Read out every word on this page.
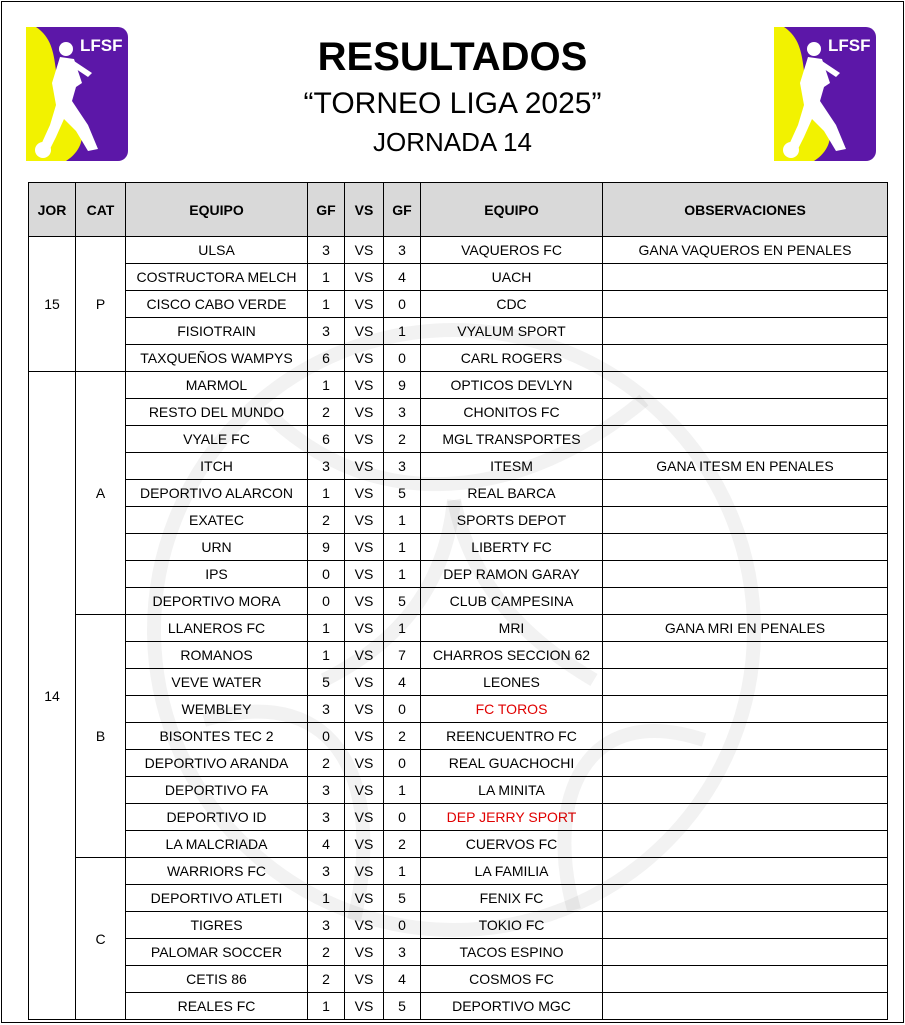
LFSF	LFSF
RESULTADOS
“TORNEO LIGA 2025”
JORNADA 14
JOR	CAT	EQUIPO	GF	VS	GF	EQUIPO	OBSERVACIONES
15	P	ULSA	3	VS	3	VAQUEROS FC	GANA VAQUEROS EN PENALES
		COSTRUCTORA MELCH	1	VS	4	UACH	
		CISCO CABO VERDE	1	VS	0	CDC	
		FISIOTRAIN	3	VS	1	VYALUM SPORT	
		TAXQUEÑOS WAMPYS	6	VS	0	CARL ROGERS	
14	A	MARMOL	1	VS	9	OPTICOS DEVLYN	
		RESTO DEL MUNDO	2	VS	3	CHONITOS FC	
		VYALE FC	6	VS	2	MGL TRANSPORTES	
		ITCH	3	VS	3	ITESM	GANA ITESM EN PENALES
		DEPORTIVO ALARCON	1	VS	5	REAL BARCA	
		EXATEC	2	VS	1	SPORTS DEPOT	
		URN	9	VS	1	LIBERTY FC	
		IPS	0	VS	1	DEP RAMON GARAY	
		DEPORTIVO MORA	0	VS	5	CLUB CAMPESINA	
	B	LLANEROS FC	1	VS	1	MRI	GANA MRI EN PENALES
		ROMANOS	1	VS	7	CHARROS SECCION 62	
		VEVE WATER	5	VS	4	LEONES	
		WEMBLEY	3	VS	0	FC TOROS	
		BISONTES TEC 2	0	VS	2	REENCUENTRO FC	
		DEPORTIVO ARANDA	2	VS	0	REAL GUACHOCHI	
		DEPORTIVO FA	3	VS	1	LA MINITA	
		DEPORTIVO ID	3	VS	0	DEP JERRY SPORT	
		LA MALCRIADA	4	VS	2	CUERVOS FC	
	C	WARRIORS FC	3	VS	1	LA FAMILIA	
		DEPORTIVO ATLETI	1	VS	5	FENIX FC	
		TIGRES	3	VS	0	TOKIO FC	
		PALOMAR SOCCER	2	VS	3	TACOS ESPINO	
		CETIS 86	2	VS	4	COSMOS FC	
		REALES FC	1	VS	5	DEPORTIVO MGC	
